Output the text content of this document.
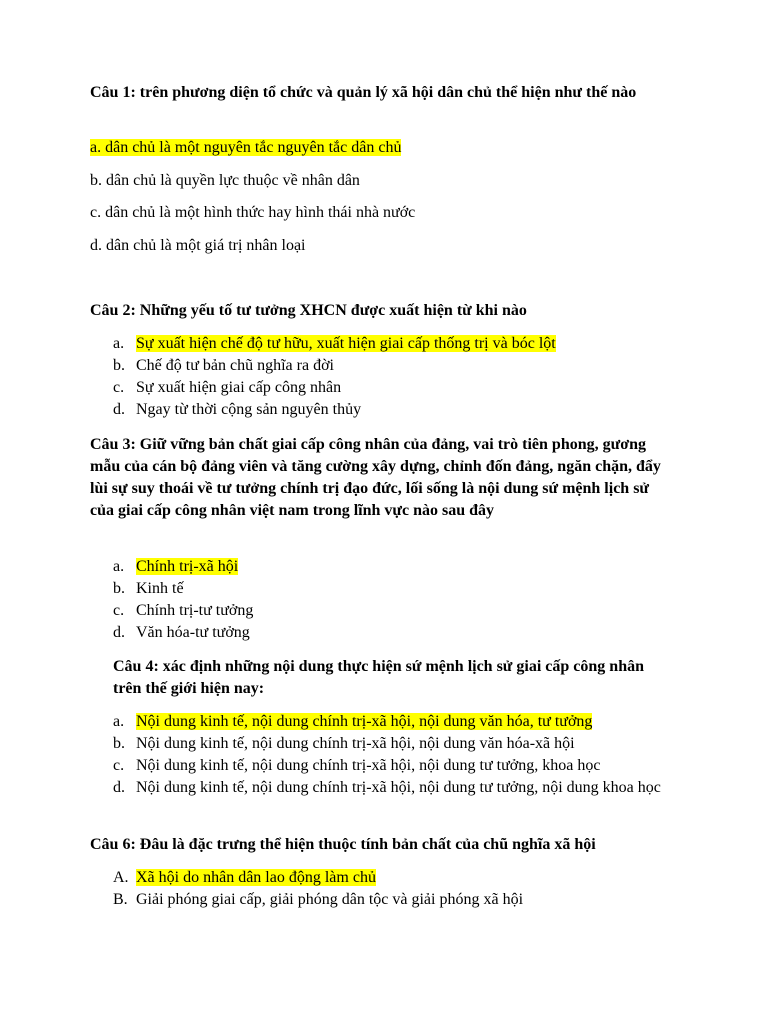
Câu 1: trên phương diện tổ chức và quản lý xã hội dân chủ thể hiện như thế nào

a. dân chủ là một nguyên tắc nguyên tắc dân chủ

b. dân chủ là quyền lực thuộc về nhân dân

c. dân chủ là một hình thức hay hình thái nhà nước

d. dân chủ là một giá trị nhân loại

Câu 2: Những yếu tố tư tưởng XHCN được xuất hiện từ khi nào

a. Sự xuất hiện chế độ tư hữu, xuất hiện giai cấp thống trị và bóc lột
b. Chế độ tư bản chũ nghĩa ra đời
c. Sự xuất hiện giai cấp công nhân
d. Ngay từ thời cộng sản nguyên thủy

Câu 3: Giữ vững bản chất giai cấp công nhân của đảng, vai trò tiên phong, gương mẫu của cán bộ đảng viên và tăng cường xây dựng, chỉnh đốn đảng, ngăn chặn, đẩy lùi sự suy thoái về tư tưởng chính trị đạo đức, lối sống là nội dung sứ mệnh lịch sử của giai cấp công nhân việt nam trong lĩnh vực nào sau đây

a. Chính trị-xã hội
b. Kinh tế
c. Chính trị-tư tưởng
d. Văn hóa-tư tưởng

Câu 4: xác định những nội dung thực hiện sứ mệnh lịch sử giai cấp công nhân trên thế giới hiện nay:

a. Nội dung kinh tế, nội dung chính trị-xã hội, nội dung văn hóa, tư tưởng
b. Nội dung kinh tế, nội dung chính trị-xã hội, nội dung văn hóa-xã hội
c. Nội dung kinh tế, nội dung chính trị-xã hội, nội dung tư tưởng, khoa học
d. Nội dung kinh tế, nội dung chính trị-xã hội, nội dung tư tưởng, nội dung khoa học

Câu 6: Đâu là đặc trưng thể hiện thuộc tính bản chất của chũ nghĩa xã hội

A. Xã hội do nhân dân lao động làm chủ
B. Giải phóng giai cấp, giải phóng dân tộc và giải phóng xã hội
